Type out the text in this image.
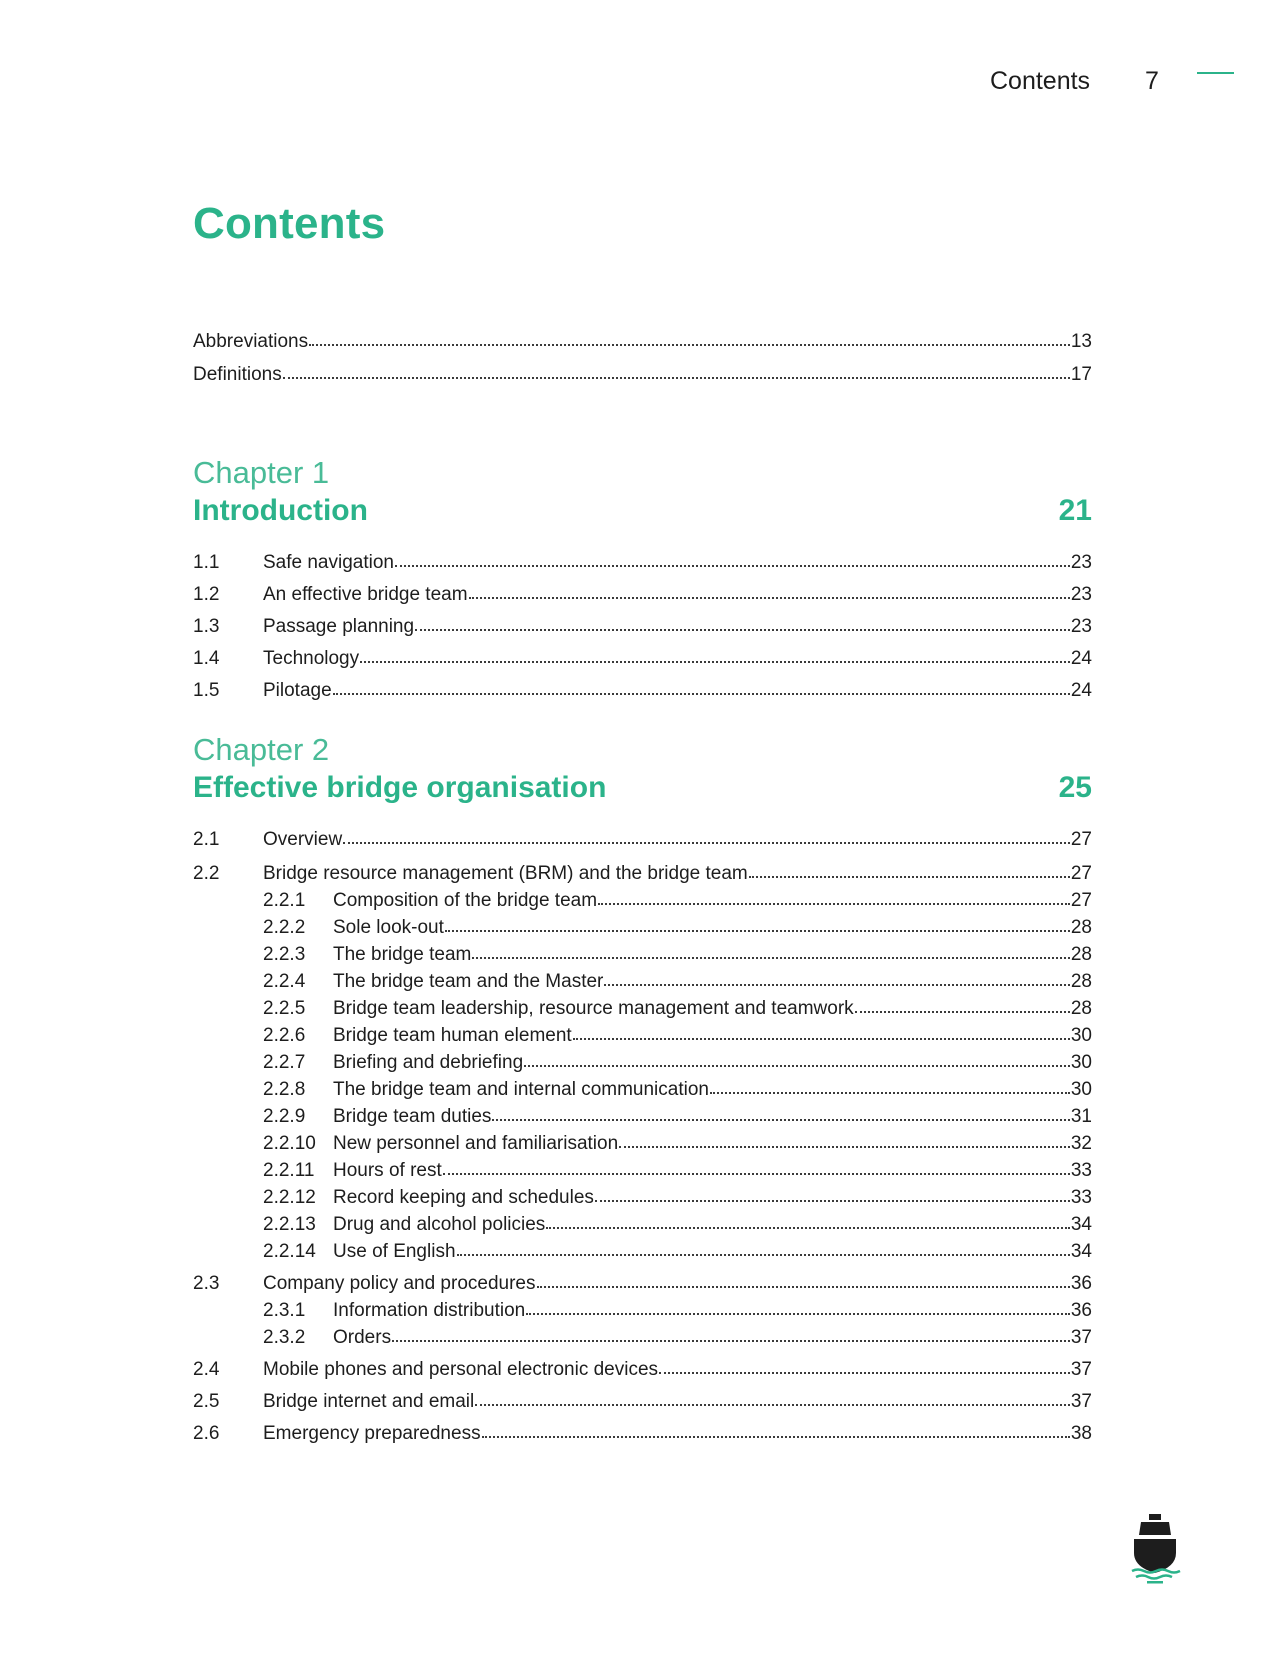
Contents 7
Contents
Abbreviations	13
Definitions	17
Chapter 1
Introduction	21
1.1	Safe navigation	23
1.2	An effective bridge team	23
1.3	Passage planning	23
1.4	Technology	24
1.5	Pilotage	24
Chapter 2
Effective bridge organisation	25
2.1	Overview	27
2.2	Bridge resource management (BRM) and the bridge team	27
2.2.1	Composition of the bridge team	27
2.2.2	Sole look-out	28
2.2.3	The bridge team	28
2.2.4	The bridge team and the Master	28
2.2.5	Bridge team leadership, resource management and teamwork	28
2.2.6	Bridge team human element	30
2.2.7	Briefing and debriefing	30
2.2.8	The bridge team and internal communication	30
2.2.9	Bridge team duties	31
2.2.10 New personnel and familiarisation	32
2.2.11 Hours of rest	33
2.2.12 Record keeping and schedules	33
2.2.13 Drug and alcohol policies	34
2.2.14 Use of English	34
2.3	Company policy and procedures	36
2.3.1	Information distribution	36
2.3.2	Orders	37
2.4	Mobile phones and personal electronic devices	37
2.5	Bridge internet and email	37
2.6	Emergency preparedness	38
